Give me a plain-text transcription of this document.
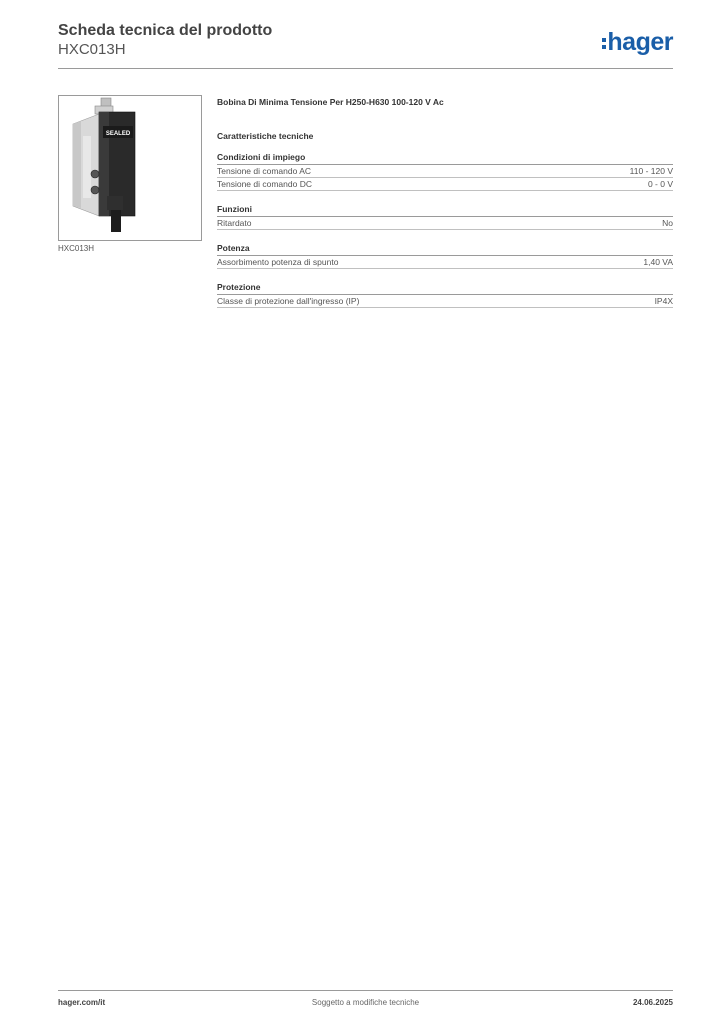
Scheda tecnica del prodotto
HXC013H	hager
SEALED
HXC013H
Bobina Di Minima Tensione Per H250-H630 100-120 V Ac
Caratteristiche tecniche
Condizioni di impiego
Tensione di comando AC	110 - 120 V
Tensione di comando DC	0 - 0 V
Funzioni
Ritardato	No
Potenza
Assorbimento potenza di spunto	1,40 VA
Protezione
Classe di protezione dall'ingresso (IP)	IP4X
hager.com/it	Soggetto a modifiche tecniche	24.06.2025
